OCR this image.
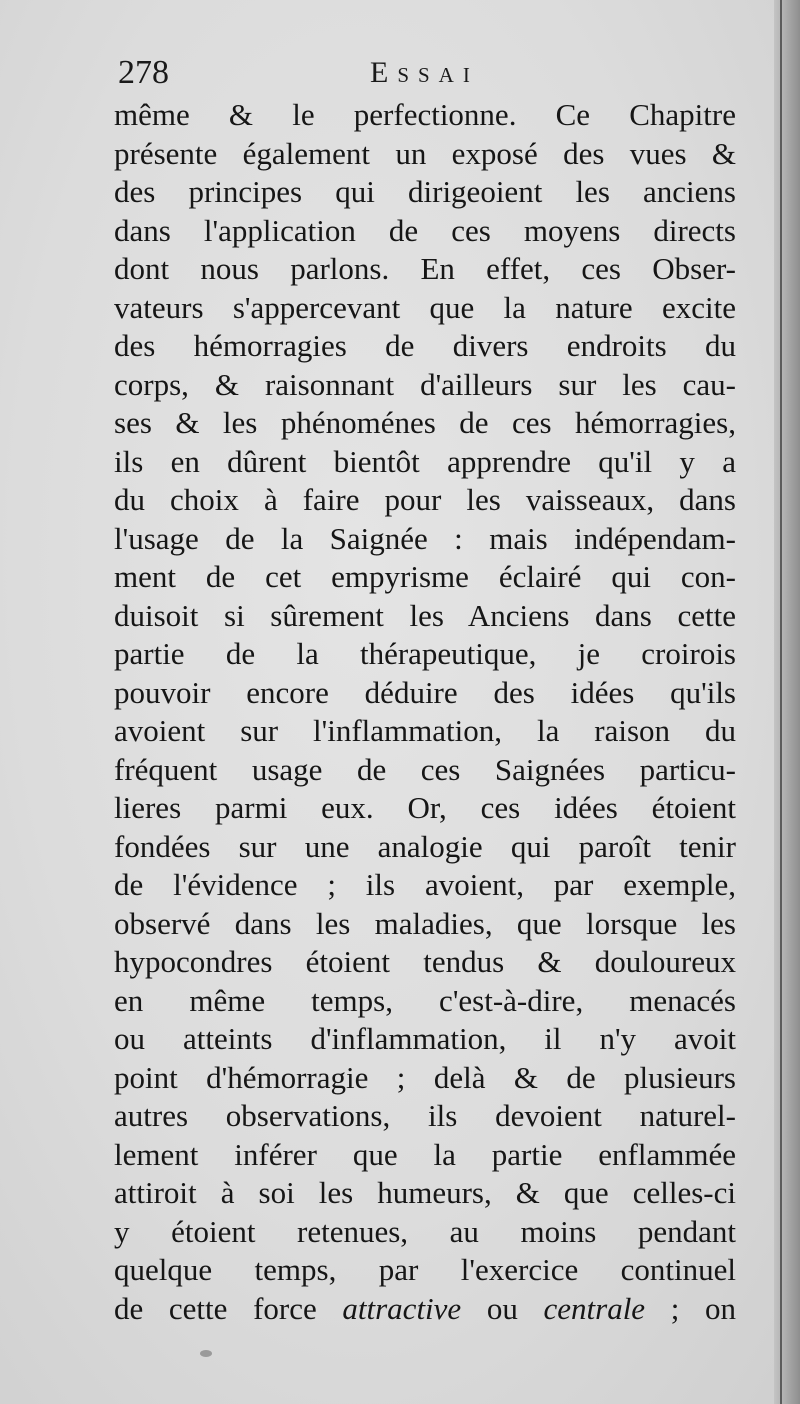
278	Essai
même & le perfectionne. Ce Chapitre
présente également un exposé des vues &
des principes qui dirigeoient les anciens
dans l'application de ces moyens directs
dont nous parlons. En effet, ces Obser-
vateurs s'appercevant que la nature excite
des hémorragies de divers endroits du
corps, & raisonnant d'ailleurs sur les cau-
ses & les phénoménes de ces hémorragies,
ils en dûrent bientôt apprendre qu'il y a
du choix à faire pour les vaisseaux, dans
l'usage de la Saignée : mais indépendam-
ment de cet empyrisme éclairé qui con-
duisoit si sûrement les Anciens dans cette
partie de la thérapeutique, je croirois
pouvoir encore déduire des idées qu'ils
avoient sur l'inflammation, la raison du
fréquent usage de ces Saignées particu-
lieres parmi eux. Or, ces idées étoient
fondées sur une analogie qui paroît tenir
de l'évidence ; ils avoient, par exemple,
observé dans les maladies, que lorsque les
hypocondres étoient tendus & douloureux
en même temps, c'est-à-dire, menacés
ou atteints d'inflammation, il n'y avoit
point d'hémorragie ; delà & de plusieurs
autres observations, ils devoient naturel-
lement inférer que la partie enflammée
attiroit à soi les humeurs, & que celles-ci
y étoient retenues, au moins pendant
quelque temps, par l'exercice continuel
de cette force attractive ou centrale ; on
